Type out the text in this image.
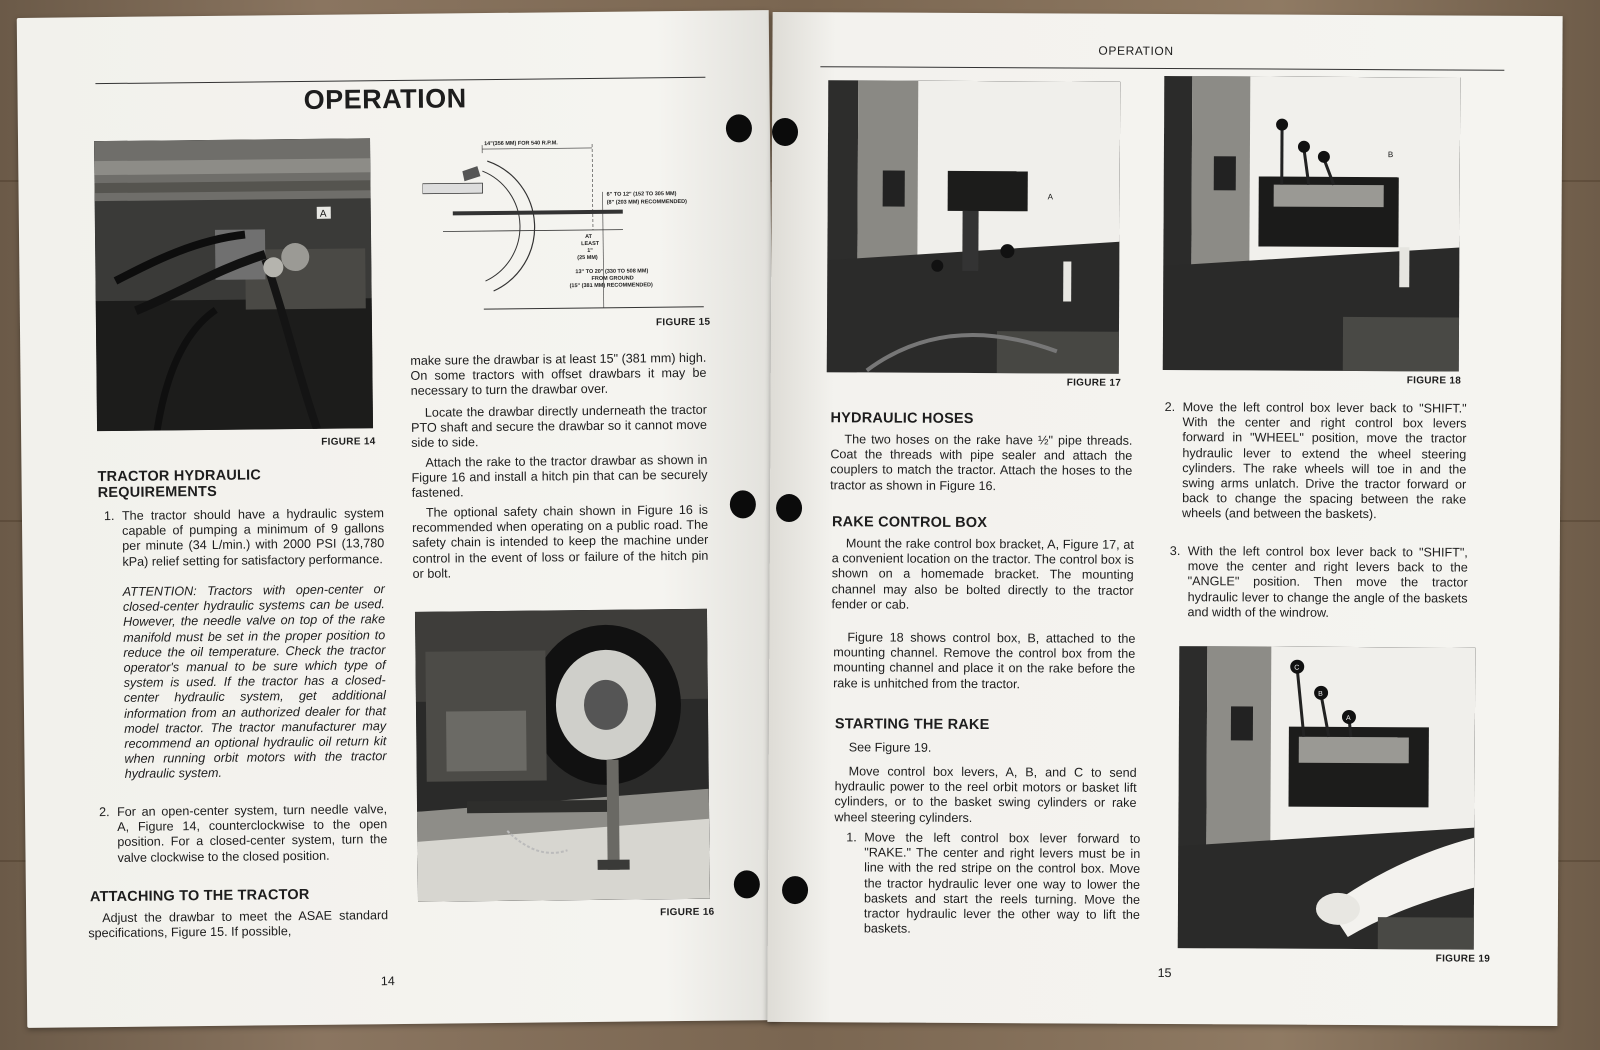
OPERATION
A
FIGURE 14
14"(356 MM) FOR 540 R.P.M.
6" TO 12" (152 TO 305 MM)
(8" (203 MM) RECOMMENDED)
AT
LEAST
1"
(25 MM)
13" TO 20" (330 TO 508 MM)
FROM GROUND
(15" (381 MM) RECOMMENDED)
FIGURE 15
TRACTOR HYDRAULIC REQUIREMENTS
1. The tractor should have a hydraulic system capable of pumping a minimum of 9 gallons per minute (34 L/min.) with 2000 PSI (13,780 kPa) relief setting for satisfactory performance.
ATTENTION: Tractors with open-center or closed-center hydraulic systems can be used. However, the needle valve on top of the rake manifold must be set in the proper position to reduce the oil temperature. Check the tractor operator's manual to be sure which type of system is used. If the tractor has a closed-center hydraulic system, get additional information from an authorized dealer for that model tractor. The tractor manufacturer may recommend an optional hydraulic oil return kit when running orbit motors with the tractor hydraulic system.
2. For an open-center system, turn needle valve, A, Figure 14, counterclockwise to the open position. For a closed-center system, turn the valve clockwise to the closed position.
ATTACHING TO THE TRACTOR
Adjust the drawbar to meet the ASAE standard specifications, Figure 15. If possible,
make sure the drawbar is at least 15" (381 mm) high. On some tractors with offset drawbars it may be necessary to turn the drawbar over.
Locate the drawbar directly underneath the tractor PTO shaft and secure the drawbar so it cannot move side to side.
Attach the rake to the tractor drawbar as shown in Figure 16 and install a hitch pin that can be securely fastened.
The optional safety chain shown in Figure 16 is recommended when operating on a public road. The safety chain is intended to keep the machine under control in the event of loss or failure of the hitch pin or bolt.
FIGURE 16
14
OPERATION
A
FIGURE 17
B
FIGURE 18
HYDRAULIC HOSES
The two hoses on the rake have ½" pipe threads. Coat the threads with pipe sealer and attach the couplers to match the tractor. Attach the hoses to the tractor as shown in Figure 16.
RAKE CONTROL BOX
Mount the rake control box bracket, A, Figure 17, at a convenient location on the tractor. The control box is shown on a homemade bracket. The mounting channel may also be bolted directly to the tractor fender or cab.
Figure 18 shows control box, B, attached to the mounting channel. Remove the control box from the mounting channel and place it on the rake before the rake is unhitched from the tractor.
STARTING THE RAKE
See Figure 19.
Move control box levers, A, B, and C to send hydraulic power to the reel orbit motors or basket lift cylinders, or to the basket swing cylinders or rake wheel steering cylinders.
1. Move the left control box lever forward to "RAKE." The center and right levers must be in line with the red stripe on the control box. Move the tractor hydraulic lever one way to lower the baskets and start the reels turning. Move the tractor hydraulic lever the other way to lift the baskets.
2. Move the left control box lever back to "SHIFT." With the center and right control box levers forward in "WHEEL" position, move the tractor hydraulic lever to extend the wheel steering cylinders. The rake wheels will toe in and the swing arms unlatch. Drive the tractor forward or back to change the spacing between the rake wheels (and between the baskets).
3. With the left control box lever back to "SHIFT", move the center and right levers back to the "ANGLE" position. Then move the tractor hydraulic lever to change the angle of the baskets and width of the windrow.
C
B
A
FIGURE 19
15
